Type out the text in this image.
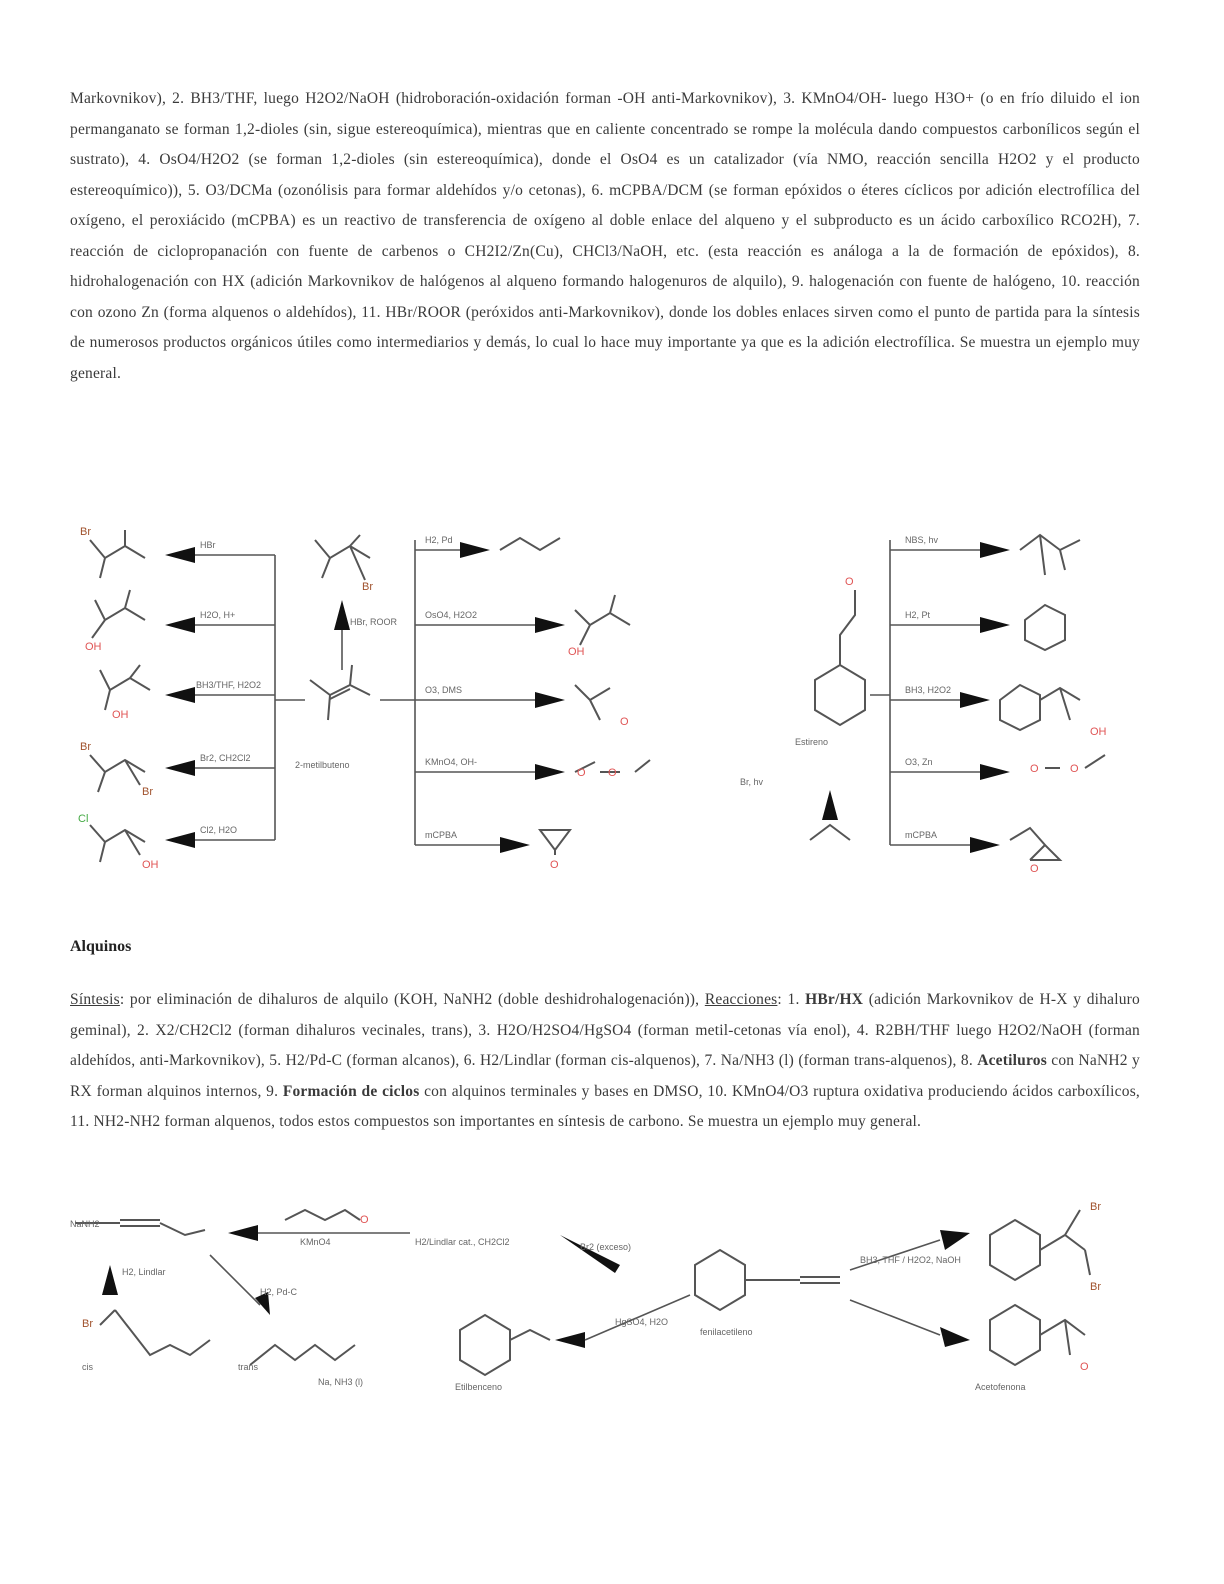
Markovnikov), 2. BH3/THF, luego H2O2/NaOH (hidroboración-oxidación forman -OH anti-Markovnikov), 3. KMnO4/OH- luego H3O+ (o en frío diluido el ion permanganato se forman 1,2-dioles (sin, sigue estereoquímica), mientras que en caliente concentrado se rompe la molécula dando compuestos carbonílicos según el sustrato), 4. OsO4/H2O2 (se forman 1,2-dioles (sin estereoquímica), donde el OsO4 es un catalizador (vía NMO, reacción sencilla H2O2 y el producto estereoquímico)), 5. O3/DCMa (ozonólisis para formar aldehídos y/o cetonas), 6. mCPBA/DCM (se forman epóxidos o éteres cíclicos por adición electrofílica del oxígeno, el peroxiácido (mCPBA) es un reactivo de transferencia de oxígeno al doble enlace del alqueno y el subproducto es un ácido carboxílico RCO2H), 7. reacción de ciclopropanación con fuente de carbenos o CH2I2/Zn(Cu), CHCl3/NaOH, etc. (esta reacción es análoga a la de formación de epóxidos), 8. hidrohalogenación con HX (adición Markovnikov de halógenos al alqueno formando halogenuros de alquilo), 9. halogenación con fuente de halógeno, 10. reacción con ozono Zn (forma alquenos o aldehídos), 11. HBr/ROOR (peróxidos anti-Markovnikov), donde los dobles enlaces sirven como el punto de partida para la síntesis de numerosos productos orgánicos útiles como intermediarios y demás, lo cual lo hace muy importante ya que es la adición electrofílica. Se muestra un ejemplo muy general.
Br
OH
OH
Br
Br
Cl
OH
HBr
H2O, H+
BH3/THF, H2O2
Br2, CH2Cl2
Cl2, H2O
2-metilbuteno
Br
HBr, ROOR
H2, Pd
OsO4, H2O2
O3, DMS
KMnO4, OH-
mCPBA
OH
O
O O
O
O
Estireno
Br, hv
NBS, hv
H2, Pt
BH3, H2O2
O3, Zn
mCPBA
OH
O	O
O
Alquinos
Síntesis: por eliminación de dihaluros de alquilo (KOH, NaNH2 (doble deshidrohalogenación)), Reacciones: 1. HBr/HX (adición Markovnikov de H-X y dihaluro geminal), 2. X2/CH2Cl2 (forman dihaluros vecinales, trans), 3. H2O/H2SO4/HgSO4 (forman metil-cetonas vía enol), 4. R2BH/THF luego H2O2/NaOH (forman aldehídos, anti-Markovnikov), 5. H2/Pd-C (forman alcanos), 6. H2/Lindlar (forman cis-alquenos), 7. Na/NH3 (l) (forman trans-alquenos), 8. Acetiluros con NaNH2 y RX forman alquinos internos, 9. Formación de ciclos con alquinos terminales y bases en DMSO, 10. KMnO4/O3 ruptura oxidativa produciendo ácidos carboxílicos, 11. NH2-NH2 forman alquenos, todos estos compuestos son importantes en síntesis de carbono. Se muestra un ejemplo muy general.
NaNH2	O
KMnO4
H2, Pd-C
trans
Na, NH3 (l)
H2, Lindlar
cis
Br
H2/Lindlar cat., CH2Cl2	Br2 (exceso)
fenilacetileno
Etilbenceno
HgSO4, H2O
BH3, THF / H2O2, NaOH
Br
Br
O
Acetofenona
